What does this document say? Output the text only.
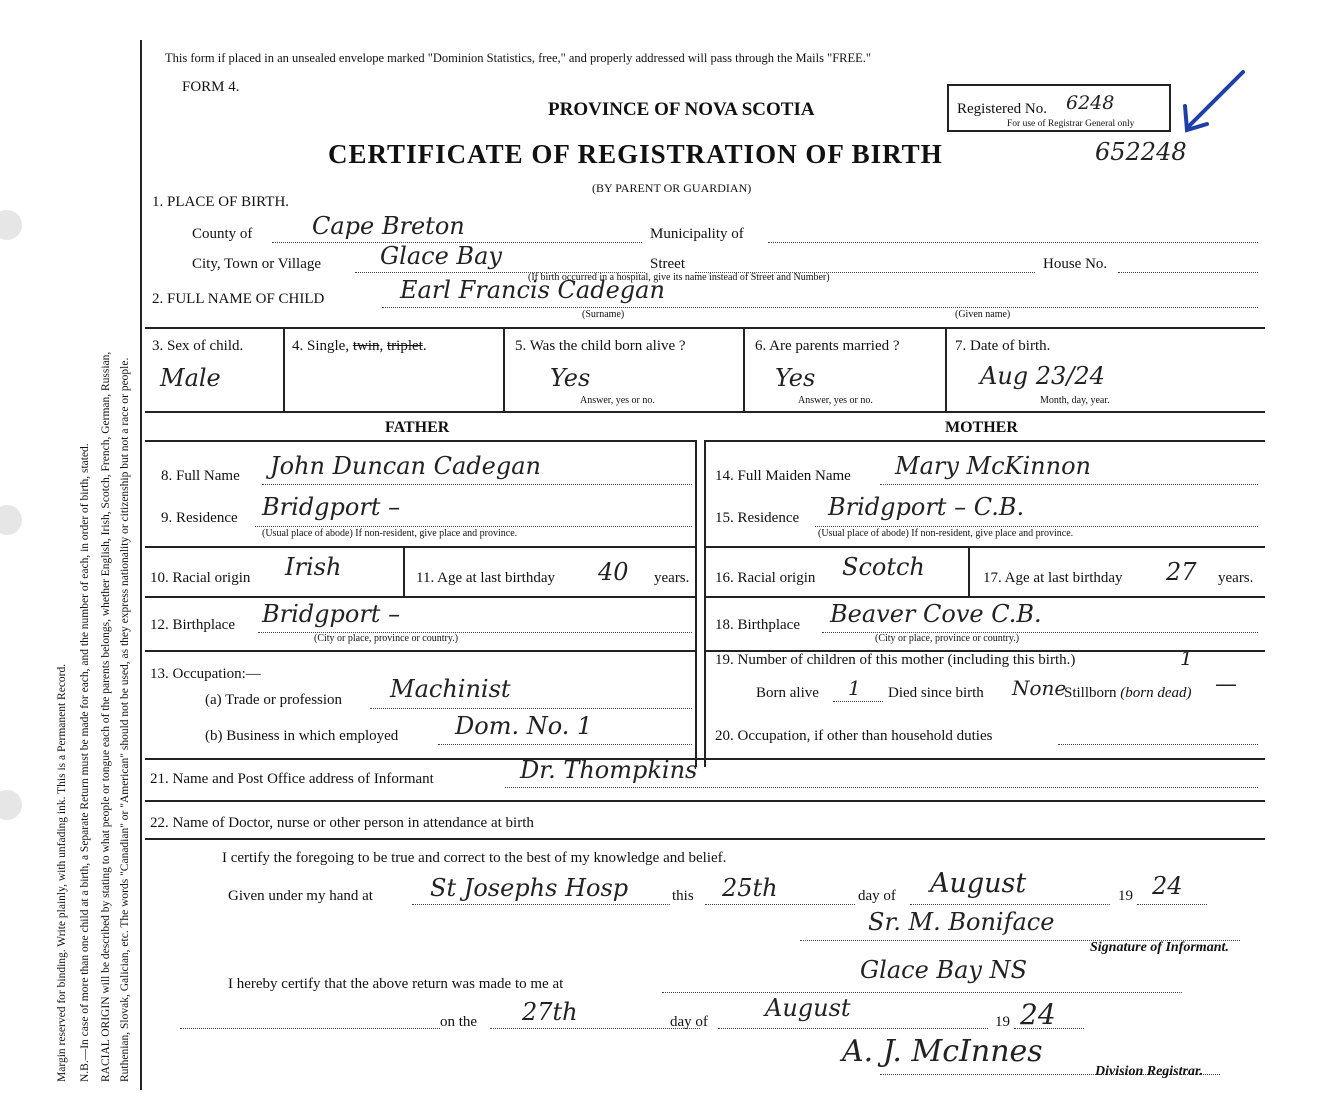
Margin reserved for binding. Write plainly, with unfading ink. This is a Permanent Record. N.B.—In case of more than one child at a birth, a Separate Return must be made for each, and the number of each, in order of birth, stated. RACIAL ORIGIN will be described by stating to what people or tongue each of the parents belongs, whether English, Irish, Scotch, French, German, Russian, Ruthenian, Slovak, Galician, etc. The words "Canadian" or "American" should not be used, as they express nationality or citizenship but not a race or people.
This form if placed in an unsealed envelope marked "Dominion Statistics, free," and properly addressed will pass through the Mails "FREE."
FORM 4.
PROVINCE OF NOVA SCOTIA
CERTIFICATE OF REGISTRATION OF BIRTH
(BY PARENT OR GUARDIAN)
Registered No. 6248
For use of Registrar General only
652248
1. PLACE OF BIRTH.
County of Cape Breton	Municipality of
City, Town or Village Glace Bay	Street	House No.
(If birth occurred in a hospital, give its name instead of Street and Number)
2. FULL NAME OF CHILD	Earl Francis Cadegan
(Surname)	(Given name)
3. Sex of child.
Male
4. Single, twin, triplet.	5. Was the child born alive ?
Yes
Answer, yes or no.
6. Are parents married ?
Yes
Answer, yes or no.
7. Date of birth.
Aug 23/24
Month, day, year.
FATHER	MOTHER
8. Full Name John Duncan Cadegan
9. Residence Bridgport –
(Usual place of abode) If non-resident, give place and province.
10. Racial origin Irish	11. Age at last birthday 40 years.
12. Birthplace Bridgport –
(City or place, province or country.)
13. Occupation:—
(a) Trade or profession Machinist
(b) Business in which employed Dom. No. 1
14. Full Maiden Name Mary McKinnon
15. Residence Bridgport – C.B.
(Usual place of abode) If non-resident, give place and province.
16. Racial origin Scotch	17. Age at last birthday 27 years.
18. Birthplace Beaver Cove C.B.
(City or place, province or country.)
19. Number of children of this mother (including this birth.)	1
Born alive 1 Died since birth None
Stillborn (born dead) —
20. Occupation, if other than household duties
21. Name and Post Office address of Informant	Dr. Thompkins
22. Name of Doctor, nurse or other person in attendance at birth
I certify the foregoing to be true and correct to the best of my knowledge and belief.
Given under my hand at St Josephs Hosp	this 25th	day of August	19 24
Sr. M. Boniface
Signature of Informant.
I hereby certify that the above return was made to me at	Glace Bay NS
on the 27th	day of August	19 24
A. J. McInnes
Division Registrar.
